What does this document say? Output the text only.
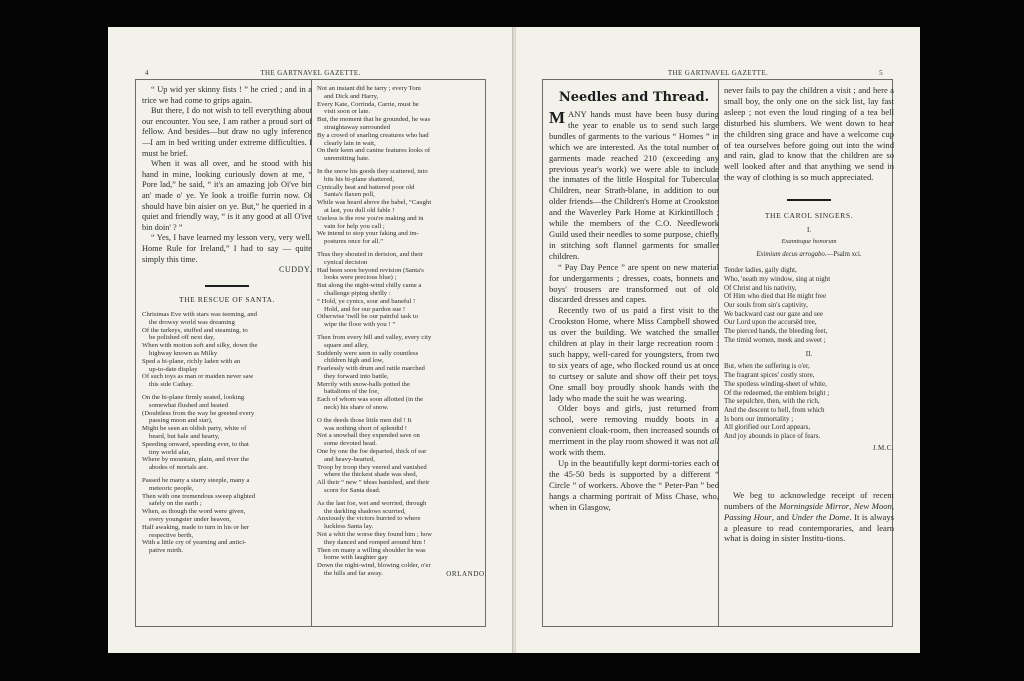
4	THE GARTNAVEL GAZETTE.

“ Up wid yer skinny fists ! ” he cried ; and in a trice we had come to grips again.

But there, I do not wish to tell everything about our encounter. You see, I am rather a proud sort of fellow. And besides—but draw no ugly inference—I am in bed writing under extreme difficulties. I must be brief.

When it was all over, and he stood with his hand in mine, looking curiously down at me, “ Pore lad,” he said, “ it's an amazing job Oi've bin an' made o' ye. Ye look a troifle furrin now. Oi should have bin aisier on ye. But,” he queried in a quiet and friendly way, “ is it any good at all O'ive bin doin' ? ”

“ Yes, I have learned my lesson very, very well. Home Rule for Ireland,” I had to say — quite simply this time.

CUDDY.

THE RESCUE OF SANTA.

Christmas Eve with stars was teeming, and

the drowsy world was dreaming

Of the turkeys, stuffed and steaming, to

be polished off next day,

When with motion soft and silky, down the

highway known as Milky

Sped a bi-plane, richly laden with an

up-to-date display

Of such toys as man or maiden never saw

this side Cathay.

On the bi-plane firmly seated, looking

somewhat flushed and heated

(Doubtless from the way he greeted every

passing moon and star),

Might be seen an oldish party, white of

beard, but hale and hearty,

Speeding onward, speeding ever, to that

tiny world afar,

Where by mountain, plain, and river the

abodes of mortals are.

Passed he many a starry steeple, many a

meteoric people,

Then with one tremendous sweep alighted

safely on the earth ;

When, as though the word were given,

every youngster under heaven,

Half awaking, made to turn in his or her

respective berth,

With a little cry of yearning and antici-

pative mirth.

Not an instant did he tarry ; every Tom

and Dick and Harry,

Every Kate, Corrinda, Carrie, must be

visit soon or late.

But, the moment that he grounded, he was

straightaway surrounded

By a crowd of snarling creatures who had

clearly lain in wait,

On their keen and canine features looks of

unremitting hate.

In the snow his goods they scattered, into

bits his bi-plane shattered,

Cynically beat and battered poor old

Santa's flaxen poll,

While was heard above the babel, “Caught

at last, you dull old fable !

Useless is the row you're making and in

vain for help you call ;

We intend to stop your faking and im-

postures once for all.”

Thus they shouted in derision, and their

cynical decision

Had been soon beyond revision (Santa's

looks were precious blue) ;

But along the night-wind chilly came a

challenge piping shrilly :

“ Hold, ye cynics, sour and baneful !

Hold, and for our pardon sue !

Otherwise 'twill be our painful task to

wipe the floor with you ! ”

Then from every hill and valley, every city

square and alley,

Suddenly were seen to sally countless

children high and low,

Fearlessly with drum and rattle marched

they forward into battle,

Merrily with snow-balls potted the

battalions of the foe,

Each of whom was soon allotted (in the

neck) his share of snow.

O the deeds those little men did ! It

was nothing short of splendid !

Not a snowball they expended save on

some devoted head.

One by one the foe departed, thick of ear

and heavy-hearted,

Troop by troop they veered and vanished

where the thickest shade was shed,

All their “ new ” ideas banished, and their

scorn for Santa dead.

As the last foe, wet and worried, through

the darkling shadows scurried,

Anxiously the victors hurried to where

luckless Santa lay.

Not a whit the worse they found him ; how

they danced and romped around him !

Then on many a willing shoulder he was

borne with laughter gay

Down the night-wind, blowing colder, o'er

the hills and far away.	ORLANDO.

THE GARTNAVEL GAZETTE.	5
Needles and Thread.

MANY hands must have been busy during the year to enable us to send such large bundles of garments to the various “ Homes ” in which we are interested. As the total number of garments made reached 210 (exceeding any previous year's work) we were able to include the inmates of the little Hospital for Tubercular Children, near Strath-blane, in addition to our older friends—the Children's Home at Crookston and the Waverley Park Home at Kirkintilloch ; while the members of the C.O. Needlework Guild used their needles to some purpose, chiefly in stitching soft flannel garments for smaller children.

“ Pay Day Pence ” are spent on new material for undergarments ; dresses, coats, bonnets and boys' trousers are transformed out of old discarded dresses and capes.

Recently two of us paid a first visit to the Crookston Home, where Miss Campbell showed us over the building. We watched the smaller children at play in their large recreation room : such happy, well-cared for youngsters, from two to six years of age, who flocked round us at once to curtsey or salute and show off their pet toys. One small boy proudly shook hands with the lady who made the suit he was wearing.

Older boys and girls, just returned from school, were removing muddy boots in a convenient cloak-room, then increased sounds of merriment in the play room showed it was not all work with them.

Up in the beautifully kept dormi-tories each of the 45-50 beds is supported by a different “ Circle ” of workers. Above the “ Peter-Pan ” bed hangs a charming portrait of Miss Chase, who, when in Glasgow,

never fails to pay the children a visit ; and here a small boy, the only one on the sick list, lay fast asleep ; not even the loud ringing of a tea bell disturbed his slumbers. We went down to hear the children sing grace and have a welcome cup of tea ourselves before going out into the wind and rain, glad to know that the children are so well looked after and that anything we send in the way of clothing is so much appreciated.

THE CAROL SINGERS.
I.
Examtoque honorum
Eximium decus arrogabo.—Psalm xci.

Tender ladies, gaily dight,

Who, 'neath my window, sing at night

Of Christ and his nativity,

Of Him who died that He might free

Our souls from sin's captivity,

We backward cast our gaze and see

Our Lord upon the accursëd tree,

The pierced hands, the bleeding feet,

The timid women, meek and sweet ;

II.

But, when the suffering is o'er,

The fragrant spices' costly store,

The spotless winding-sheet of white,

Of the redeemed, the emblem bright ;

The sepulchre, then, with the rich,

And the descent to hell, from which

Is born our immortality ;

All glorified our Lord appears,

And joy abounds in place of fears.

J.M.C.

We beg to acknowledge receipt of recent numbers of the Morningside Mirror, New Moon, Passing Hour, and Under the Dome. It is always a pleasure to read contemporaries, and learn what is doing in sister Institu-tions.
